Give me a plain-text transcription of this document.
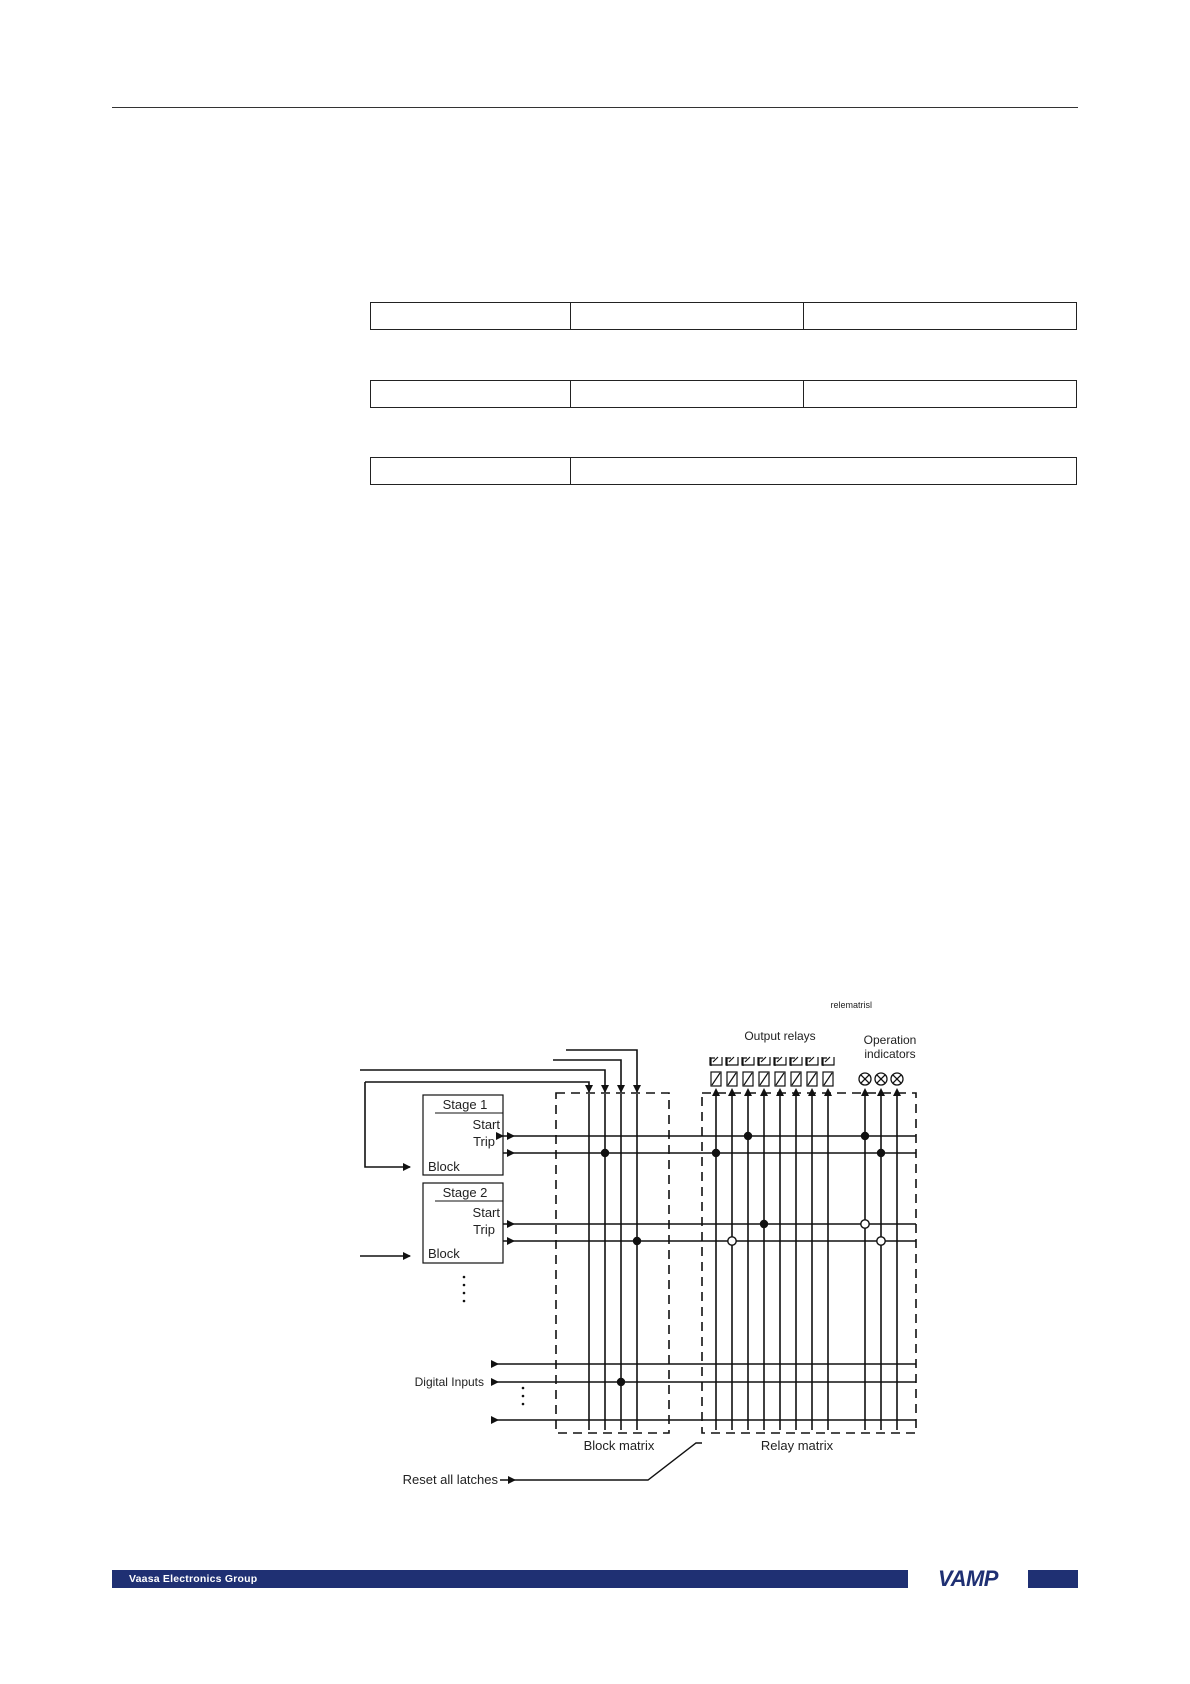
relematrisl
Output relays	Operation
indicators
Stage 1
Start
Trip
Block
Stage 2
Start
Trip
Block
Digital Inputs
Block matrix	Relay matrix
Reset all latches
Vaasa Electronics Group	VAMP
